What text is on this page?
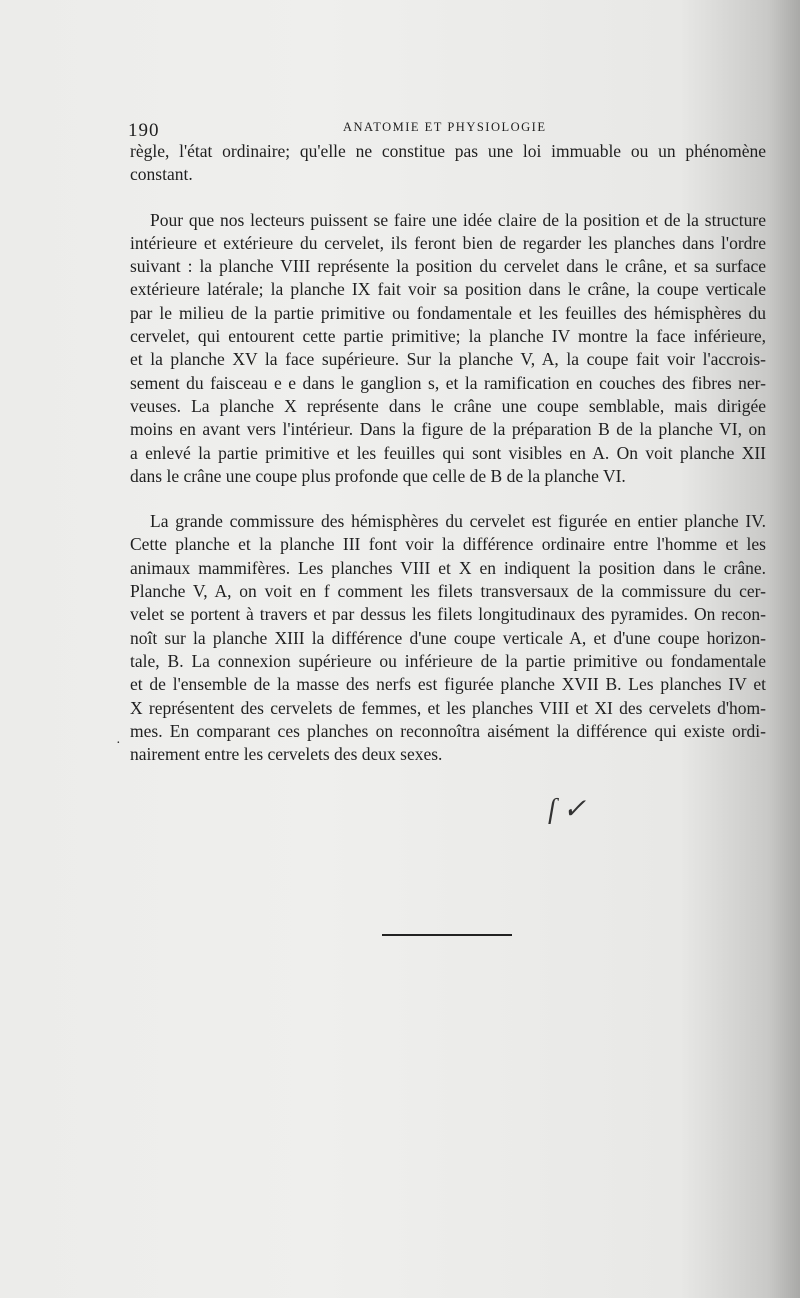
190	ANATOMIE ET PHYSIOLOGIE
règle, l'état ordinaire; qu'elle ne constitue pas une loi immuable ou un phénomène
constant.
Pour que nos lecteurs puissent se faire une idée claire de la position et de la structure
intérieure et extérieure du cervelet, ils feront bien de regarder les planches dans l'ordre
suivant : la planche VIII représente la position du cervelet dans le crâne, et sa surface
extérieure latérale; la planche IX fait voir sa position dans le crâne, la coupe verticale
par le milieu de la partie primitive ou fondamentale et les feuilles des hémisphères du
cervelet, qui entourent cette partie primitive; la planche IV montre la face inférieure,
et la planche XV la face supérieure. Sur la planche V, A, la coupe fait voir l'accrois-
sement du faisceau e e dans le ganglion s, et la ramification en couches des fibres ner-
veuses. La planche X représente dans le crâne une coupe semblable, mais dirigée
moins en avant vers l'intérieur. Dans la figure de la préparation B de la planche VI, on
a enlevé la partie primitive et les feuilles qui sont visibles en A. On voit planche XII
dans le crâne une coupe plus profonde que celle de B de la planche VI.
La grande commissure des hémisphères du cervelet est figurée en entier planche IV.
Cette planche et la planche III font voir la différence ordinaire entre l'homme et les
animaux mammifères. Les planches VIII et X en indiquent la position dans le crâne.
Planche V, A, on voit en f comment les filets transversaux de la commissure du cer-
velet se portent à travers et par dessus les filets longitudinaux des pyramides. On recon-
noît sur la planche XIII la différence d'une coupe verticale A, et d'une coupe horizon-
tale, B. La connexion supérieure ou inférieure de la partie primitive ou fondamentale
et de l'ensemble de la masse des nerfs est figurée planche XVII B. Les planches IV et
X représentent des cervelets de femmes, et les planches VIII et XI des cervelets d'hom-
mes. En comparant ces planches on reconnoîtra aisément la différence qui existe ordi-
nairement entre les cervelets des deux sexes.
·
ſ ✓
